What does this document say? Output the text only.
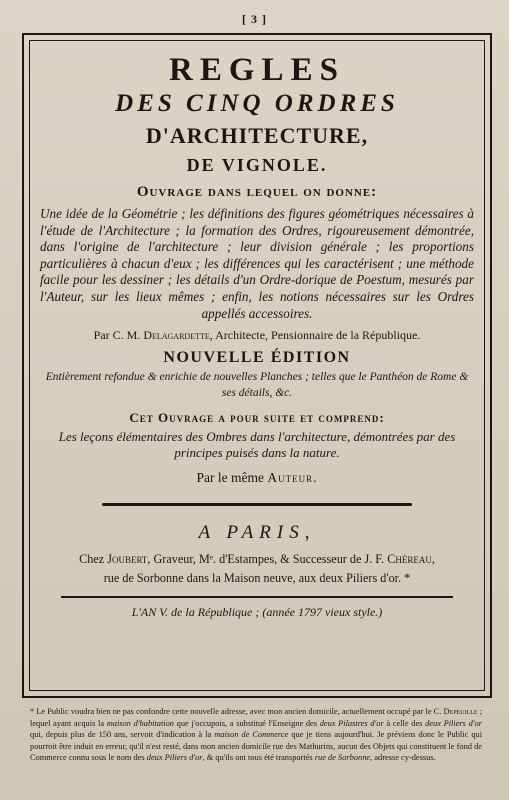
[ 3 ]

REGLES

DES CINQ ORDRES

D'ARCHITECTURE,

DE VIGNOLE.

Ouvrage dans lequel on donne:

Une idée de la Géométrie ; les définitions des figures géométriques nécessaires à l'étude de l'Architecture ; la formation des Ordres, rigoureusement démontrée, dans l'origine de l'architecture ; leur division générale ; les proportions particulières à chacun d'eux ; les différences qui les caractérisent ; une méthode facile pour les dessiner ; les détails d'un Ordre-dorique de Poestum, mesurés par l'Auteur, sur les lieux mêmes ; enfin, les notions nécessaires sur les Ordres appellés accessoires.

Par C. M. Delagardette, Architecte, Pensionnaire de la République.

NOUVELLE ÉDITION

Entièrement refondue & enrichie de nouvelles Planches ; telles que le Panthéon de Rome & ses détails, &c.

Cet Ouvrage a pour suite et comprend:

Les leçons élémentaires des Ombres dans l'architecture, démontrées par des principes puisés dans la nature.

Par le même Auteur.

A PARIS,

Chez Joubert, Graveur, Mᵉ. d'Estampes, & Successeur de J. F. Chéreau,

rue de Sorbonne dans la Maison neuve, aux deux Piliers d'or. *

L'AN V. de la République ; (année 1797 vieux style.)

* Le Public voudra bien ne pas confondre cette nouvelle adresse, avec mon ancien domicile, actuellement occupé par le C. Depeuille ; lequel ayant acquis la maison d'habitation que j'occupois, a substitué l'Enseigne des deux Pilastres d'or à celle des deux Piliers d'or qui, depuis plus de 150 ans, servoit d'indication à la maison de Commerce que je tiens aujourd'hui. Je préviens donc le Public qui pourroit être induit en erreur, qu'il n'est resté, dans mon ancien domicile rue des Mathurins, aucun des Objets qui constituent le fond de Commerce connu sous le nom des deux Piliers d'or, & qu'ils ont tous été transportés rue de Sorbonne, adresse cy-dessus.
